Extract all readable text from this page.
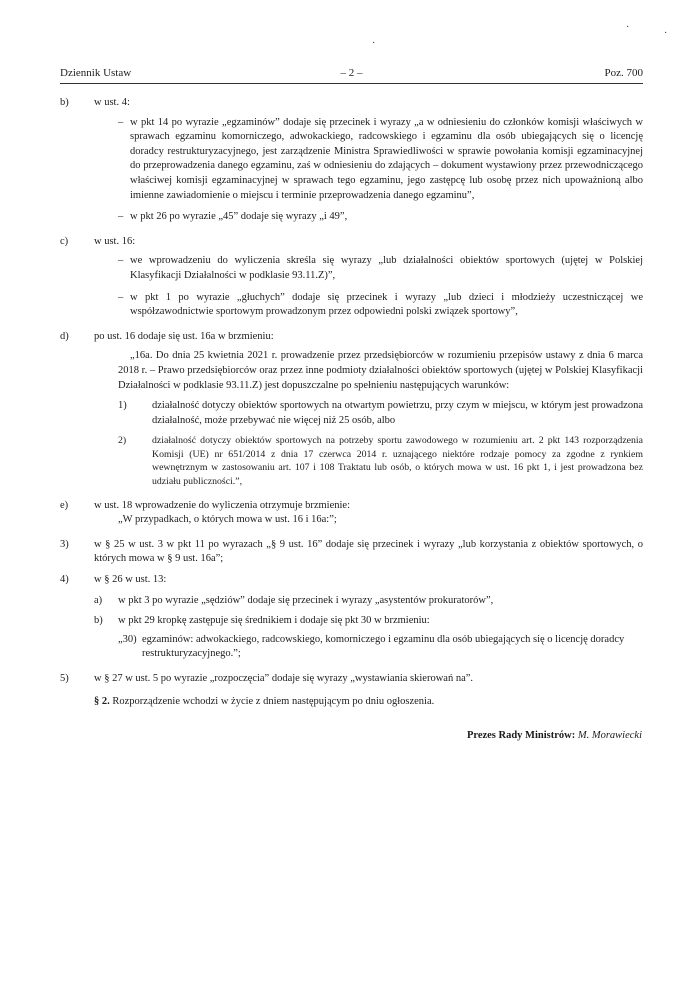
·
·
·
Dziennik Ustaw	– 2 –	Poz. 700
b) w ust. 4:
– w pkt 14 po wyrazie „egzaminów” dodaje się przecinek i wyrazy „a w odniesieniu do członków komisji właściwych w sprawach egzaminu komorniczego, adwokackiego, radcowskiego i egzaminu dla osób ubiegających się o licencję doradcy restrukturyzacyjnego, jest zarządzenie Ministra Sprawiedliwości w sprawie powołania komisji egzaminacyjnej do przeprowadzenia danego egzaminu, zaś w odniesieniu do zdających – dokument wystawiony przez przewodniczącego właściwej komisji egzaminacyjnej w sprawach tego egzaminu, jego zastępcę lub osobę przez nich upoważnioną albo imienne zawiadomienie o miejscu i terminie przeprowadzenia danego egzaminu”,
– w pkt 26 po wyrazie „45” dodaje się wyrazy „i 49”,
c) w ust. 16:
– we wprowadzeniu do wyliczenia skreśla się wyrazy „lub działalności obiektów sportowych (ujętej w Polskiej Klasyfikacji Działalności w podklasie 93.11.Z)”,
– w pkt 1 po wyrazie „głuchych” dodaje się przecinek i wyrazy „lub dzieci i młodzieży uczestniczącej we współzawodnictwie sportowym prowadzonym przez odpowiedni polski związek sportowy”,
d) po ust. 16 dodaje się ust. 16a w brzmieniu:
„16a. Do dnia 25 kwietnia 2021 r. prowadzenie przez przedsiębiorców w rozumieniu przepisów ustawy z dnia 6 marca 2018 r. – Prawo przedsiębiorców oraz przez inne podmioty działalności obiektów sportowych (ujętej w Polskiej Klasyfikacji Działalności w podklasie 93.11.Z) jest dopuszczalne po spełnieniu następujących warunków:
1) działalność dotyczy obiektów sportowych na otwartym powietrzu, przy czym w miejscu, w którym jest prowadzona działalność, może przebywać nie więcej niż 25 osób, albo
2)	działalność dotyczy obiektów sportowych na potrzeby sportu zawodowego w rozumieniu art. 2 pkt 143 rozporządzenia Komisji (UE) nr 651/2014 z dnia 17 czerwca 2014 r. uznającego niektóre rodzaje pomocy za zgodne z rynkiem wewnętrznym w zastosowaniu art. 107 i 108 Traktatu lub osób, o których mowa w ust. 16 pkt 1, i jest prowadzona bez udziału publiczności.”,
e) w ust. 18 wprowadzenie do wyliczenia otrzymuje brzmienie:
„W przypadkach, o których mowa w ust. 16 i 16a:”;
3) w § 25 w ust. 3 w pkt 11 po wyrazach „§ 9 ust. 16” dodaje się przecinek i wyrazy „lub korzystania z obiektów sportowych, o których mowa w § 9 ust. 16a”;
4) w § 26 w ust. 13:
a) w pkt 3 po wyrazie „sędziów” dodaje się przecinek i wyrazy „asystentów prokuratorów”,
b) w pkt 29 kropkę zastępuje się średnikiem i dodaje się pkt 30 w brzmieniu:
„30) egzaminów: adwokackiego, radcowskiego, komorniczego i egzaminu dla osób ubiegających się o licencję doradcy restrukturyzacyjnego.”;
5) w § 27 w ust. 5 po wyrazie „rozpoczęcia” dodaje się wyrazy „wystawiania skierowań na”.
§ 2. Rozporządzenie wchodzi w życie z dniem następującym po dniu ogłoszenia.
Prezes Rady Ministrów: M. Morawiecki
